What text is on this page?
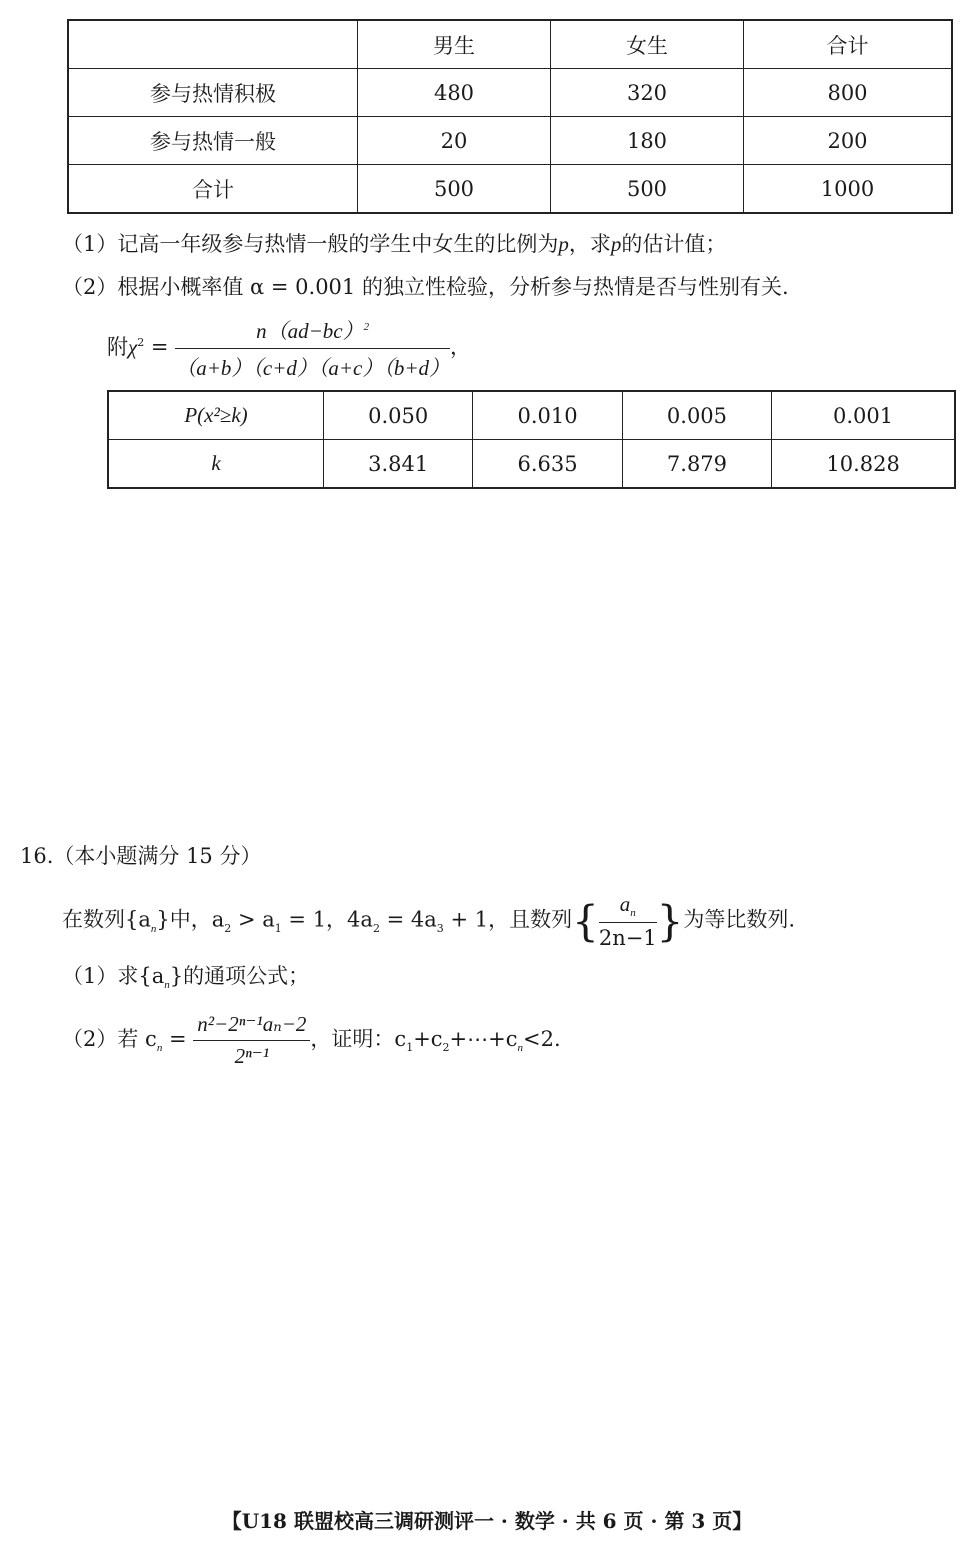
	男生	女生	合计
参与热情积极	480	320	800
参与热情一般	20	180	200
合计	500	500	1000
（1）记高一年级参与热情一般的学生中女生的比例为p，求p的估计值；
（2）根据小概率值 α = 0.001 的独立性检验，分析参与热情是否与性别有关.
附$\chi^2 = \frac{n(ad-bc)^2}{(a+b)(c+d)(a+c)(b+d)}$ ，
P(x²≥k)	0.050	0.010	0.005	0.001
k	3.841	6.635	7.879	10.828
16.（本小题满分 15 分）
在数列$\{a_n\}$中，$a_2 > a_1 = 1$，$4a_2 = 4a_3 + 1$，且数列{ $\frac{a_n}{2n-1}$ }为等比数列.
（1）求$\{a_n\}$的通项公式；
（2）若 $c_n = \frac{\text{n²−2ⁿ⁻¹aₙ−2}}{\text{2ⁿ⁻¹}}$ ，证明：$c_1+c_2+\cdots+c_n<2$.
【U18 联盟校高三调研测评一 · 数学 · 共 6 页 · 第 3 页】
